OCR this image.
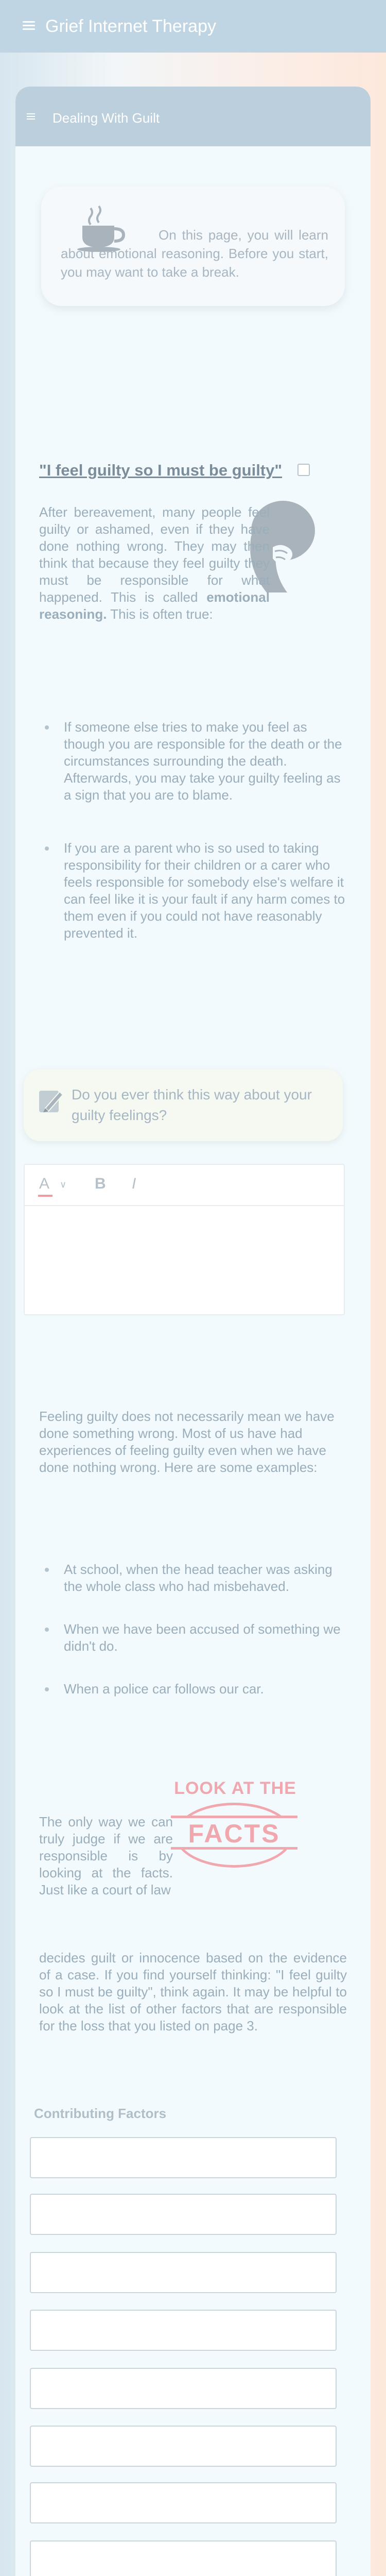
Grief Internet Therapy
Dealing With Guilt
On this page, you will learn about emotional reasoning. Before you start, you may want to take a break.
"I feel guilty so I must be guilty"
After bereavement, many people feel guilty or ashamed, even if they have done nothing wrong. They may then think that because they feel guilty they must be responsible for what happened. This is called emotional reasoning. This is often true:
If someone else tries to make you feel as though you are responsible for the death or the circumstances surrounding the death. Afterwards, you may take your guilty feeling as a sign that you are to blame.
If you are a parent who is so used to taking responsibility for their children or a carer who feels responsible for somebody else's welfare it can feel like it is your fault if any harm comes to them even if you could not have reasonably prevented it.
Do you ever think this way about your guilty feelings?
A ∨ B I
Feeling guilty does not necessarily mean we have done something wrong. Most of us have had experiences of feeling guilty even when we have done nothing wrong. Here are some examples:
At school, when the head teacher was asking the whole class who had misbehaved.
When we have been accused of something we didn't do.
When a police car follows our car.
LOOK AT THE
FACTS
The only way we can truly judge if we are responsible is by looking at the facts. Just like a court of law
decides guilt or innocence based on the evidence of a case. If you find yourself thinking: "I feel guilty so I must be guilty", think again. It may be helpful to look at the list of other factors that are responsible for the loss that you listed on page 3.
Contributing Factors
